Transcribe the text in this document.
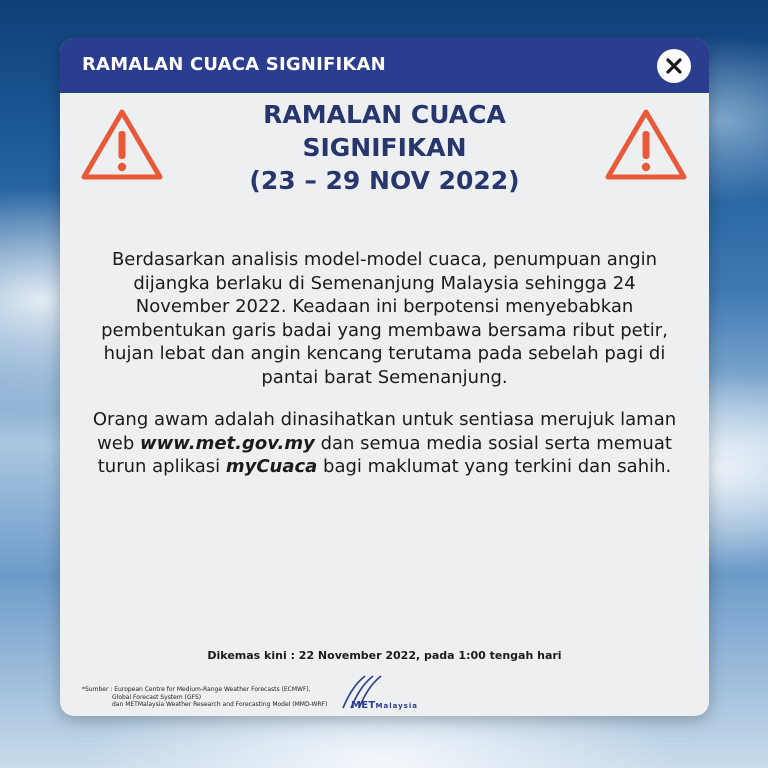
RAMALAN CUACA SIGNIFIKAN
RAMALAN CUACA
SIGNIFIKAN
(23 – 29 NOV 2022)
Berdasarkan analisis model-model cuaca, penumpuan angin dijangka berlaku di Semenanjung Malaysia sehingga 24 November 2022. Keadaan ini berpotensi menyebabkan pembentukan garis badai yang membawa bersama ribut petir, hujan lebat dan angin kencang terutama pada sebelah pagi di pantai barat Semenanjung.
Orang awam adalah dinasihatkan untuk sentiasa merujuk laman web www.met.gov.my dan semua media sosial serta memuat turun aplikasi myCuaca bagi maklumat yang terkini dan sahih.
Dikemas kini : 22 November 2022, pada 1:00 tengah hari
*Sumber : European Centre for Medium-Range Weather Forecasts (ECMWF),
Global Forecast System (GFS)
dan METMalaysia Weather Research and Forecasting Model (MMD-WRF) METMalaysia
